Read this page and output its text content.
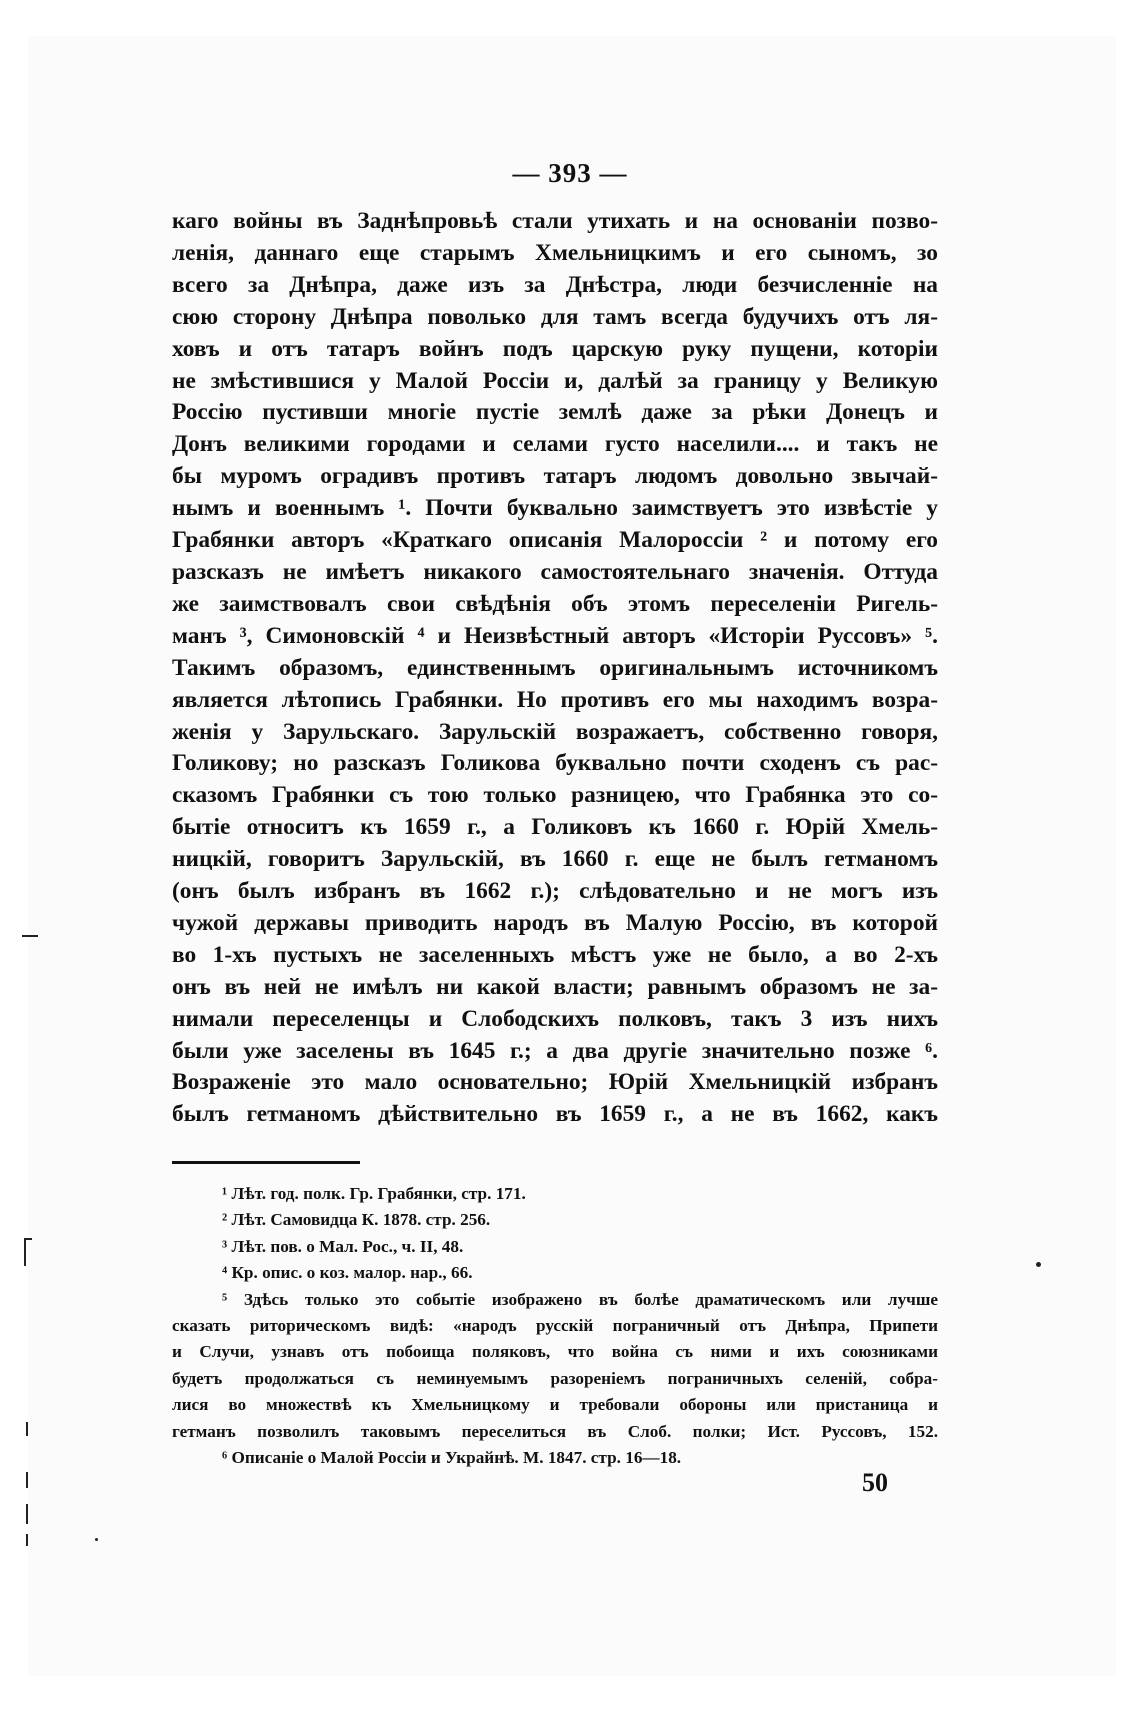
— 393 —
каго войны въ Заднѣпровьѣ стали утихать и на основаніи позво-
ленія, даннаго еще старымъ Хмельницкимъ и его сыномъ, зо
всего за Днѣпра, даже изъ за Днѣстра, люди безчисленніе на
сюю сторону Днѣпра поволько для тамъ всегда будучихъ отъ ля-
ховъ и отъ татаръ войнъ подъ царскую руку пущени, которіи
не змѣстившися у Малой Россіи и, далѣй за границу у Великую
Россію пустивши многіе пустіе землѣ даже за рѣки Донецъ и
Донъ великими городами и селами густо населили.... и такъ не
бы муромъ оградивъ противъ татаръ людомъ довольно звычай-
нымъ и военнымъ ¹. Почти буквально заимствуетъ это извѣстіе у
Грабянки авторъ «Краткаго описанія Малороссіи ² и потому его
разсказъ не имѣетъ никакого самостоятельнаго значенія. Оттуда
же заимствовалъ свои свѣдѣнія объ этомъ переселеніи Ригель-
манъ ³, Симоновскій ⁴ и Неизвѣстный авторъ «Исторіи Руссовъ» ⁵.
Такимъ образомъ, единственнымъ оригинальнымъ источникомъ
является лѣтопись Грабянки. Но противъ его мы находимъ возра-
женія у Зарульскаго. Зарульскій возражаетъ, собственно говоря,
Голикову; но разсказъ Голикова буквально почти сходенъ съ рас-
сказомъ Грабянки съ тою только разницею, что Грабянка это со-
бытіе относитъ къ 1659 г., а Голиковъ къ 1660 г. Юрій Хмель-
ницкій, говоритъ Зарульскій, въ 1660 г. еще не былъ гетманомъ
(онъ былъ избранъ въ 1662 г.); слѣдовательно и не могъ изъ
чужой державы приводить народъ въ Малую Россію, въ которой
во 1-хъ пустыхъ не заселенныхъ мѣстъ уже не было, а во 2-хъ
онъ въ ней не имѣлъ ни какой власти; равнымъ образомъ не за-
нимали переселенцы и Слободскихъ полковъ, такъ 3 изъ нихъ
были уже заселены въ 1645 г.; а два другіе значительно позже ⁶.
Возраженіе это мало основательно; Юрій Хмельницкій избранъ
былъ гетманомъ дѣйствительно въ 1659 г., а не въ 1662, какъ
¹ Лѣт. год. полк. Гр. Грабянки, стр. 171.
² Лѣт. Самовидца К. 1878. стр. 256.
³ Лѣт. пов. о Мал. Рос., ч. II, 48.
⁴ Кр. опис. о коз. малор. нар., 66.
⁵ Здѣсь только это событіе изображено въ болѣе драматическомъ или лучше
сказать риторическомъ видѣ: «народъ русскій пограничный отъ Днѣпра, Припети
и Случи, узнавъ отъ побоища поляковъ, что война съ ними и ихъ союзниками
будетъ продолжаться съ неминуемымъ разореніемъ пограничныхъ селеній, собра-
лися во множествѣ къ Хмельницкому и требовали обороны или пристаница и
гетманъ позволилъ таковымъ переселиться въ Слоб. полки; Ист. Руссовъ, 152.
⁶ Описаніе о Малой Россіи и Украйнѣ. М. 1847. стр. 16—18.
50
